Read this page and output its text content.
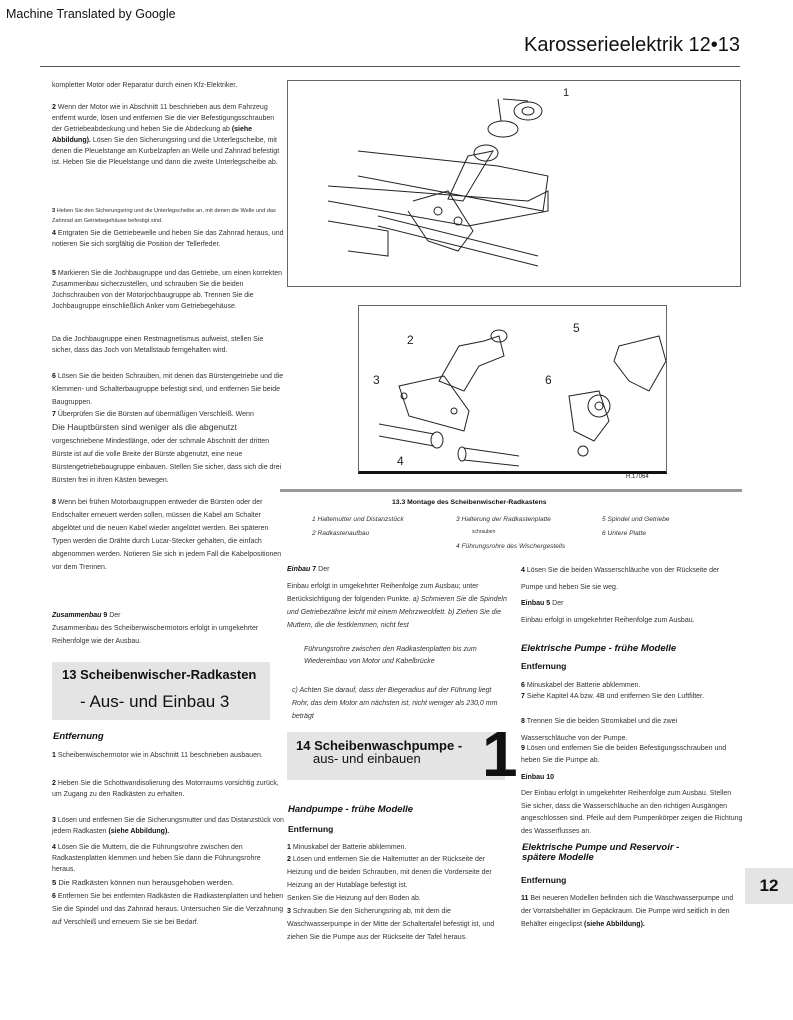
Machine Translated by Google
Karosserieelektrik 12•13
kompletter Motor oder Reparatur durch einen Kfz-Elektriker.
2 Wenn der Motor wie in Abschnitt 11 beschrieben aus dem Fahrzeug entfernt wurde, lösen und entfernen Sie die vier Befestigungsschrauben der Getriebeabdeckung und heben Sie die Abdeckung ab (siehe Abbildung). Lösen Sie den Sicherungsring und die Unterlegscheibe, mit denen die Pleuelstange am Kurbelzapfen an Welle und Zahnrad befestigt ist. Heben Sie die Pleuelstange und dann die zweite Unterlegscheibe ab.
3 Heben Sie den Sicherungsring und die Unterlegscheibe an, mit denen die Welle und das Zahnrad am Getriebegehäuse befestigt sind.
4 Entgraten Sie die Getriebewelle und heben Sie das Zahnrad heraus, und notieren Sie sich sorgfältig die Position der Tellerfeder.
5 Markieren Sie die Jochbaugruppe und das Getriebe, um einen korrekten Zusammenbau sicherzustellen, und schrauben Sie die beiden Jochschrauben von der Motorjochbaugruppe ab. Trennen Sie die Jochbaugruppe einschließlich Anker vom Getriebegehäuse.
Da die Jochbaugruppe einen Restmagnetismus aufweist, stellen Sie sicher, dass das Joch von Metallstaub ferngehalten wird.
6 Lösen Sie die beiden Schrauben, mit denen das Bürstengetriebe und die Klemmen- und Schalterbaugruppe befestigt sind, und entfernen Sie beide Baugruppen.
7 Überprüfen Sie die Bürsten auf übermäßigen Verschleiß. Wenn
Die Hauptbürsten sind weniger als die abgenutzt
vorgeschriebene Mindestlänge, oder der schmale Abschnitt der dritten Bürste ist auf die volle Breite der Bürste abgenutzt, eine neue Bürstengetriebebaugruppe einbauen. Stellen Sie sicher, dass sich die drei Bürsten frei in ihren Kästen bewegen.
8 Wenn bei frühen Motorbaugruppen entweder die Bürsten oder der Endschalter erneuert werden sollen, müssen die Kabel am Schalter abgelötet und die neuen Kabel wieder angelötet werden. Bei späteren Typen werden die Drähte durch Lucar-Stecker gehalten, die einfach abgenommen werden. Notieren Sie sich in jedem Fall die Kabelpositionen vor dem Trennen.
Zusammenbau 9 Der
Zusammenbau des Scheibenwischermotors erfolgt in umgekehrter Reihenfolge wie der Ausbau.
13 Scheibenwischer-Radkasten
- Aus- und Einbau 3
Entfernung
1 Scheibenwischermotor wie in Abschnitt 11 beschrieben ausbauen.
2 Heben Sie die Schottwandisolierung des Motorraums vorsichtig zurück, um Zugang zu den Radkästen zu erhalten.
3 Lösen und entfernen Sie die Sicherungsmutter und das Distanzstück von jedem Radkasten (siehe Abbildung).
4 Lösen Sie die Muttern, die die Führungsrohre zwischen den Radkastenplatten klemmen und heben Sie dann die Führungsrohre heraus.
5 Die Radkästen können nun herausgehoben werden.
6 Entfernen Sie bei entfernten Radkästen die Radkastenplatten und heben Sie die Spindel und das Zahnrad heraus. Untersuchen Sie die Verzahnung auf Verschleiß und erneuern Sie sie bei Bedarf.
1
2
3
4
5
6
H.17064
13.3 Montage des Scheibenwischer-Radkastens
1 Haltemutter und Distanzstück
2 Radkastenaufbau
3 Halterung der Radkastenplatte
schrauben
4 Führungsrohre des Wischergestells
5 Spindel und Getriebe
6 Untere Platte
Einbau 7 Der
Einbau erfolgt in umgekehrter Reihenfolge zum Ausbau; unter Berücksichtigung der folgenden Punkte. a) Schmieren Sie die Spindeln und Getriebezähne leicht mit einem Mehrzweckfett. b) Ziehen Sie die Muttern, die die festklemmen, nicht fest
Führungsrohre zwischen den Radkastenplatten bis zum Wiedereinbau von Motor und Kabelbrücke
c) Achten Sie darauf, dass der Biegeradius auf der Führung liegt Rohr, das dem Motor am nächsten ist, nicht weniger als 230,0 mm beträgt
14 Scheibenwaschpumpe -
aus- und einbauen 1
Handpumpe - frühe Modelle
Entfernung
1 Minuskabel der Batterie abklemmen.
2 Lösen und entfernen Sie die Haltemutter an der Rückseite der Heizung und die beiden Schrauben, mit denen die Vorderseite der Heizung an der Hutablage befestigt ist.
Senken Sie die Heizung auf den Boden ab.
3 Schrauben Sie den Sicherungsring ab, mit dem die Waschwasserpumpe in der Mitte der Schaltertafel befestigt ist, und ziehen Sie die Pumpe aus der Rückseite der Tafel heraus.
4 Lösen Sie die beiden Wasserschläuche von der Rückseite der Pumpe und heben Sie sie weg.
Einbau 5 Der
Einbau erfolgt in umgekehrter Reihenfolge zum Ausbau.
Elektrische Pumpe - frühe Modelle
Entfernung
6 Minuskabel der Batterie abklemmen.
7 Siehe Kapitel 4A bzw. 4B und entfernen Sie den Luftfilter.
8 Trennen Sie die beiden Stromkabel und die zwei Wasserschläuche von der Pumpe.
9 Lösen und entfernen Sie die beiden Befestigungsschrauben und heben Sie die Pumpe ab.
Einbau 10
Der Einbau erfolgt in umgekehrter Reihenfolge zum Ausbau. Stellen Sie sicher, dass die Wasserschläuche an den richtigen Ausgängen angeschlossen sind. Pfeile auf dem Pumpenkörper zeigen die Richtung des Wasserflusses an.
Elektrische Pumpe und Reservoir -
spätere Modelle
Entfernung
11 Bei neueren Modellen befinden sich die Waschwasserpumpe und der Vorratsbehälter im Gepäckraum. Die Pumpe wird seitlich in den Behälter eingeclipst (siehe Abbildung).
12
